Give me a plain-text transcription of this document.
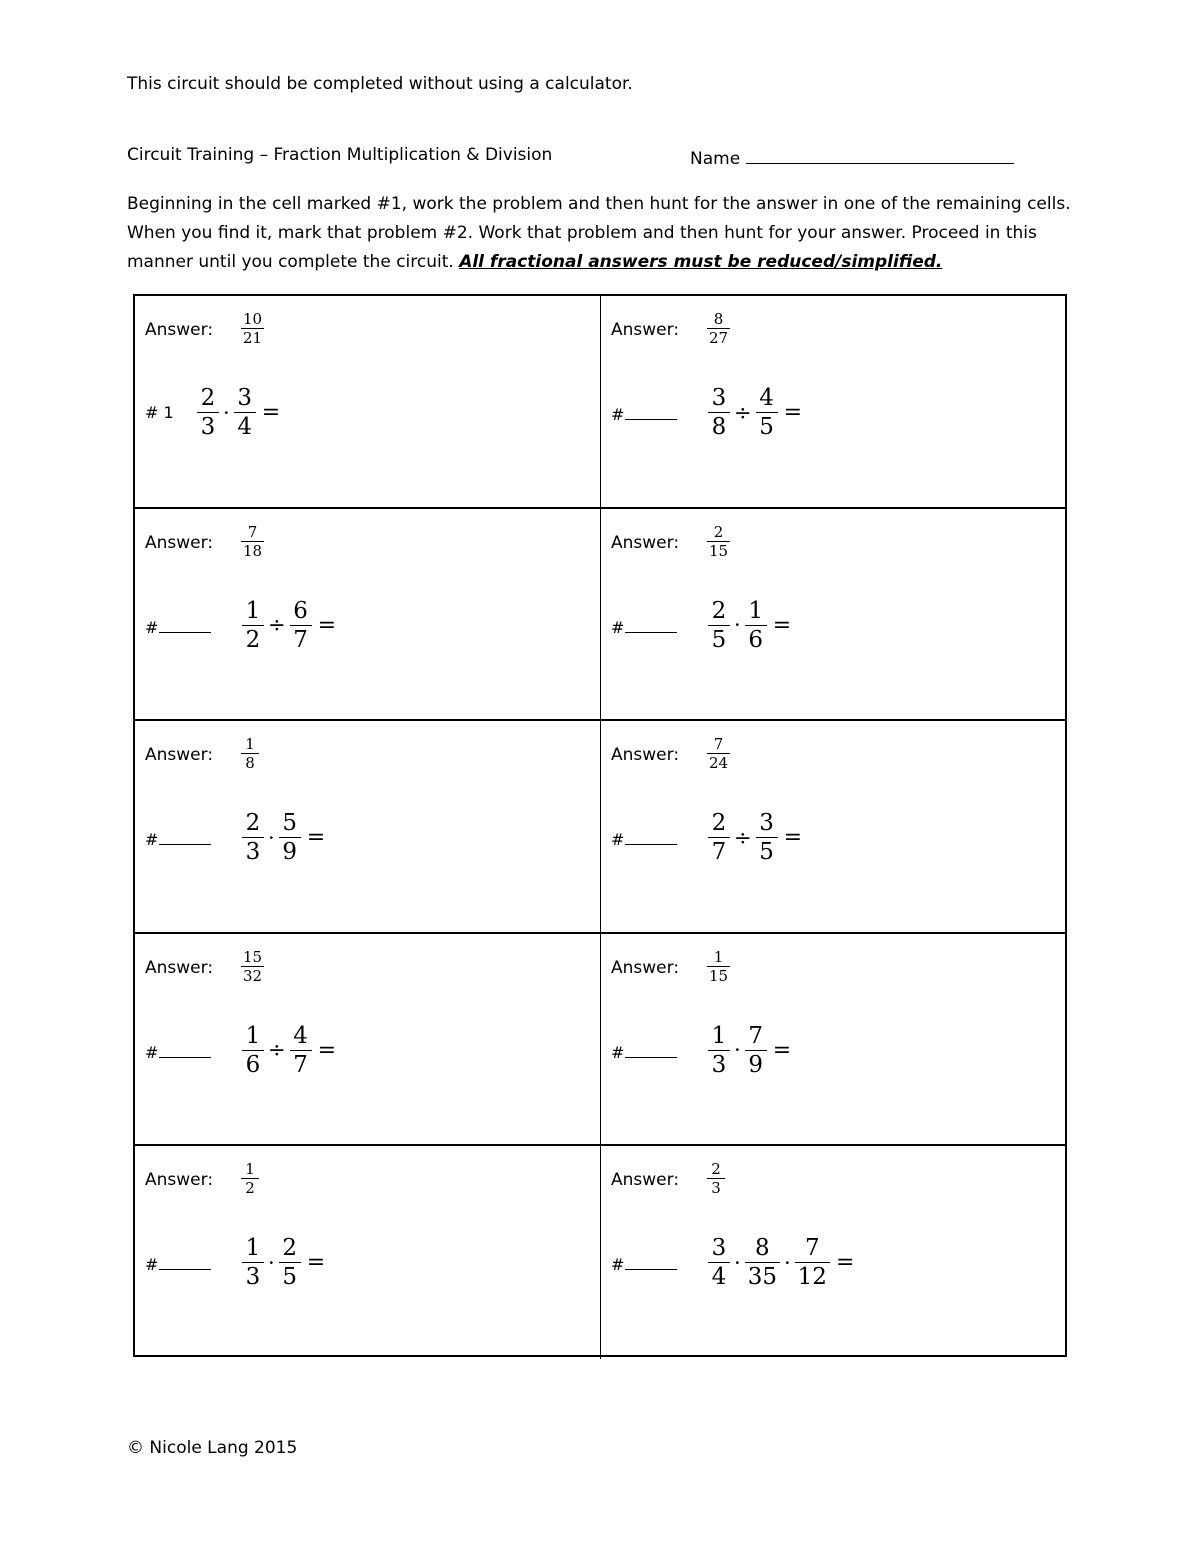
This circuit should be completed without using a calculator.
Circuit Training – Fraction Multiplication & Division	Name
Beginning in the cell marked #1, work the problem and then hunt for the answer in one of the remaining cells. When you find it, mark that problem #2. Work that problem and then hunt for your answer. Proceed in this manner until you complete the circuit. All fractional answers must be reduced/simplified.
Answer:
10
21
# $1 \frac{2}{3} \cdot \frac{3}{4}$ =
Answer:
8
27
#	$\frac{3}{8} \div \frac{4}{5}$ =
Answer:
7
18
#	$\frac{1}{2} \div \frac{6}{7}$ =
Answer:
2
15
#	$\frac{2}{5} \cdot \frac{1}{6}$ =
Answer:
1
8
#	$\frac{2}{3} \cdot \frac{5}{9}$ =
Answer:
7
24
#	$\frac{2}{7} \div \frac{3}{5}$ =
Answer:
15
32
#	$\frac{1}{6} \div \frac{4}{7}$ =
Answer:
1
15
#	$\frac{1}{3} \cdot \frac{7}{9}$ =
Answer:
1
2
#	$\frac{1}{3} \cdot \frac{2}{5}$ =
Answer:
2
3
#	$\frac{3}{4} \cdot \frac{8}{35} \cdot \frac{7}{12}$ =
© Nicole Lang 2015
